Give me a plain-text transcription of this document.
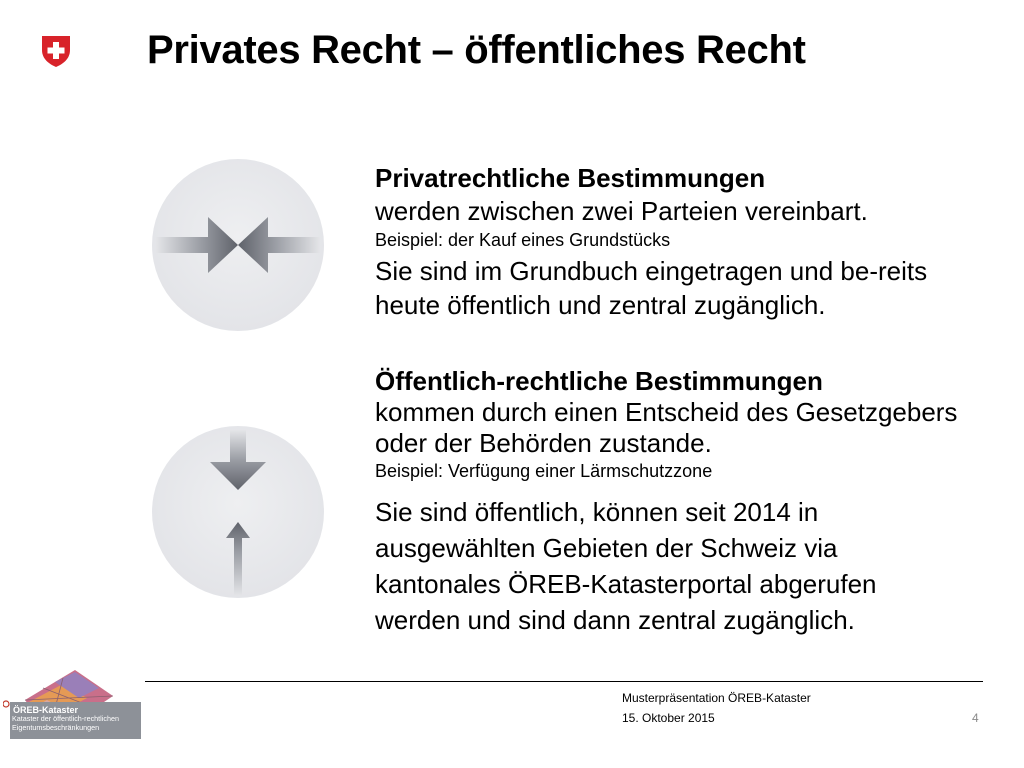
Privates Recht – öffentliches Recht
Privatrechtliche Bestimmungen
werden zwischen zwei Parteien vereinbart.
Beispiel: der Kauf eines Grundstücks
Sie sind im Grundbuch eingetragen und be-reits heute öffentlich und zentral zugänglich.
Öffentlich-rechtliche Bestimmungen
kommen durch einen Entscheid des Gesetzgebers oder der Behörden zustande.
Beispiel: Verfügung einer Lärmschutzzone
Sie sind öffentlich, können seit 2014 in ausgewählten Gebieten der Schweiz via kantonales ÖREB-Katasterportal abgerufen werden und sind dann zentral zugänglich.
Musterpräsentation ÖREB-Kataster
15. Oktober 2015	4
ÖREB-Kataster
Kataster der öffentlich-rechtlichen Eigentumsbeschränkungen
